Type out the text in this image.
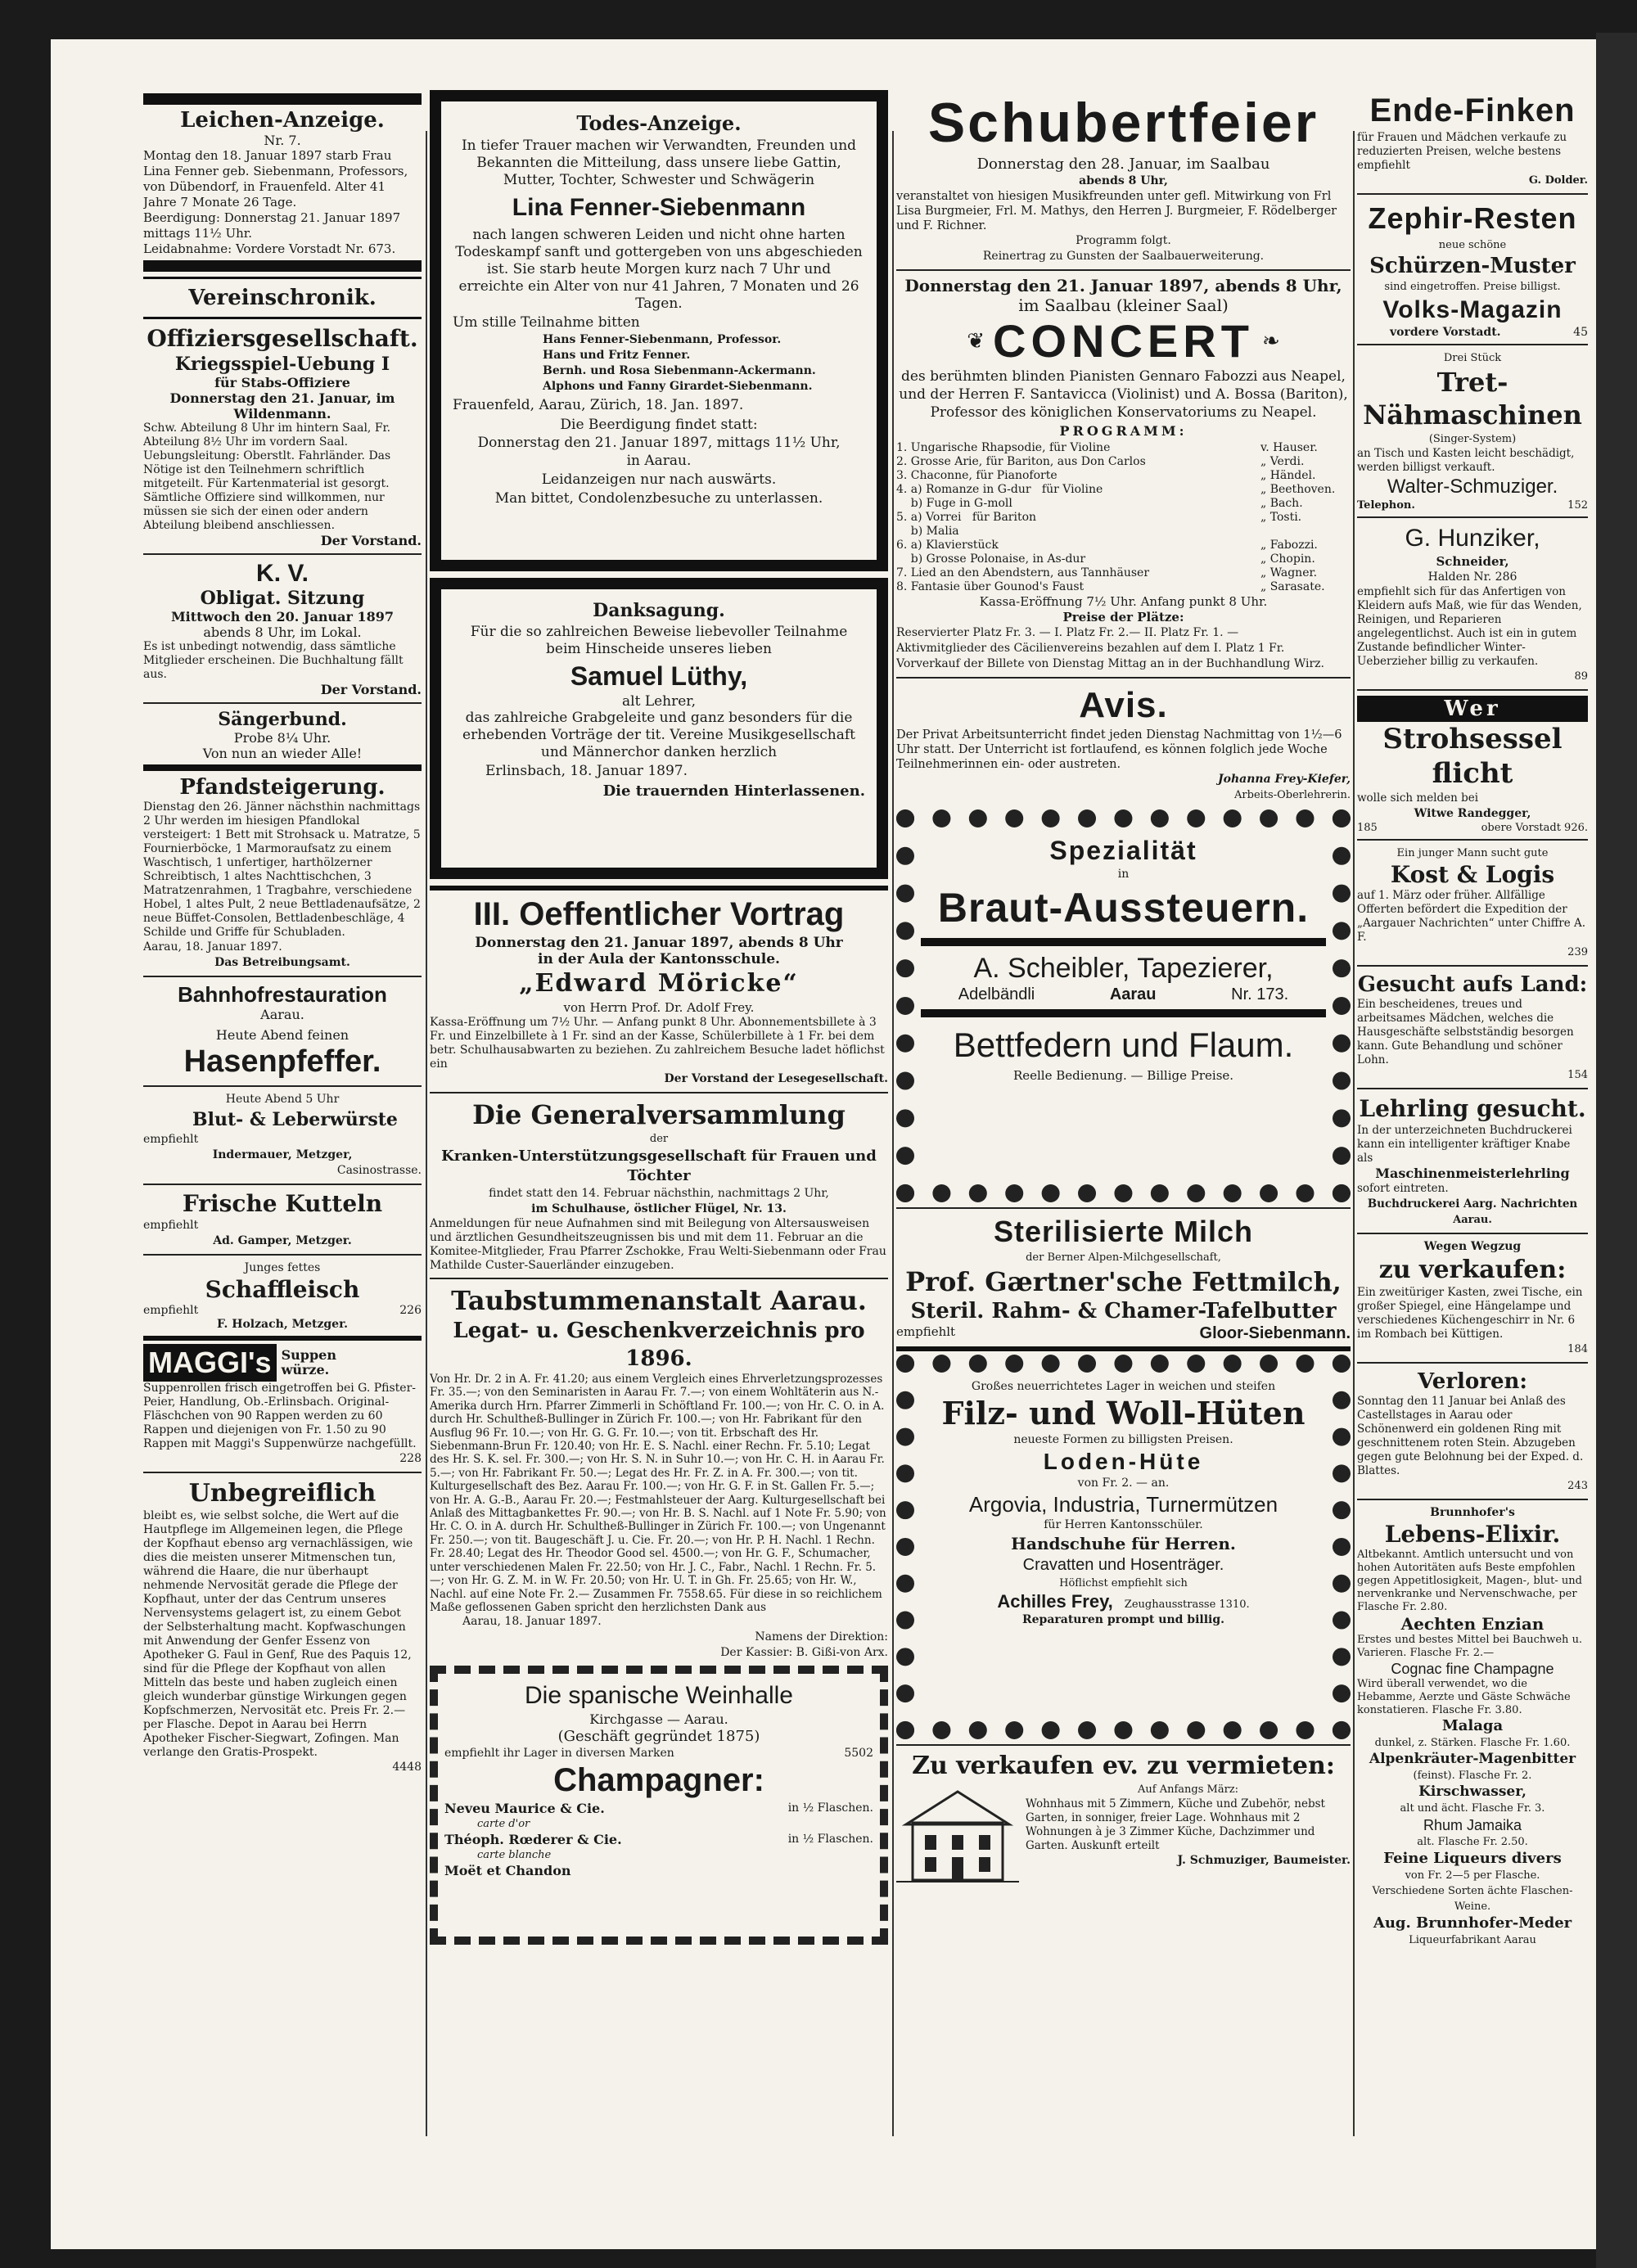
Leichen-Anzeige.

Nr. 7.

Montag den 18. Januar 1897 starb Frau Lina Fenner geb. Siebenmann, Professors, von Dübendorf, in Frauenfeld. Alter 41 Jahre 7 Monate 26 Tage.

Beerdigung: Donnerstag 21. Januar 1897 mittags 11½ Uhr.

Leidabnahme: Vordere Vorstadt Nr. 673.

Vereinschronik.

Offiziersgesellschaft.

Kriegsspiel-Uebung I

für Stabs-Offiziere

Donnerstag den 21. Januar, im Wildenmann.

Schw. Abteilung 8 Uhr im hintern Saal, Fr. Abteilung 8½ Uhr im vordern Saal. Uebungsleitung: Oberstlt. Fahrländer. Das Nötige ist den Teilnehmern schriftlich mitgeteilt. Für Kartenmaterial ist gesorgt. Sämtliche Offiziere sind willkommen, nur müssen sie sich der einen oder andern Abteilung bleibend anschliessen.

Der Vorstand.

K. V.

Obligat. Sitzung

Mittwoch den 20. Januar 1897

abends 8 Uhr, im Lokal.

Es ist unbedingt notwendig, dass sämtliche Mitglieder erscheinen. Die Buchhaltung fällt aus.

Der Vorstand.

Sängerbund.

Probe 8¼ Uhr.

Von nun an wieder Alle!

Pfandsteigerung.

Dienstag den 26. Jänner nächsthin nachmittags 2 Uhr werden im hiesigen Pfandlokal versteigert: 1 Bett mit Strohsack u. Matratze, 5 Fournierböcke, 1 Marmoraufsatz zu einem Waschtisch, 1 unfertiger, harthölzerner Schreibtisch, 1 altes Nachttischchen, 3 Matratzenrahmen, 1 Tragbahre, verschiedene Hobel, 1 altes Pult, 2 neue Bettladenaufsätze, 2 neue Büffet-Consolen, Bettladenbeschläge, 4 Schilde und Griffe für Schubladen.

Aarau, 18. Januar 1897.

Das Betreibungsamt.

Bahnhofrestauration

Aarau.

Heute Abend feinen

Hasenpfeffer.

Heute Abend 5 Uhr

Blut- & Leberwürste

empfiehlt

Indermauer, Metzger,

Casinostrasse.

Frische Kutteln

empfiehlt

Ad. Gamper, Metzger.

Junges fettes

Schaffleisch

empfiehlt	226

F. Holzach, Metzger.

MAGGI's Suppen würze.

Suppenrollen frisch eingetroffen bei G. Pfister-Peier, Handlung, Ob.-Erlinsbach. Original-Fläschchen von 90 Rappen werden zu 60 Rappen und diejenigen von Fr. 1.50 zu 90 Rappen mit Maggi's Suppenwürze nachgefüllt.

228

Unbegreiflich

bleibt es, wie selbst solche, die Wert auf die Hautpflege im Allgemeinen legen, die Pflege der Kopfhaut ebenso arg vernachlässigen, wie dies die meisten unserer Mitmenschen tun, während die Haare, die nur überhaupt nehmende Nervosität gerade die Pflege der Kopfhaut, unter der das Centrum unseres Nervensystems gelagert ist, zu einem Gebot der Selbsterhaltung macht. Kopfwaschungen mit Anwendung der Genfer Essenz von Apotheker G. Faul in Genf, Rue des Paquis 12, sind für die Pflege der Kopfhaut von allen Mitteln das beste und haben zugleich einen gleich wunderbar günstige Wirkungen gegen Kopfschmerzen, Nervosität etc. Preis Fr. 2.— per Flasche. Depot in Aarau bei Herrn Apotheker Fischer-Siegwart, Zofingen. Man verlange den Gratis-Prospekt.

4448

Todes-Anzeige.

In tiefer Trauer machen wir Verwandten, Freunden und Bekannten die Mitteilung, dass unsere liebe Gattin, Mutter, Tochter, Schwester und Schwägerin

Lina Fenner-Siebenmann

nach langen schweren Leiden und nicht ohne harten Todeskampf sanft und gottergeben von uns abgeschieden ist. Sie starb heute Morgen kurz nach 7 Uhr und erreichte ein Alter von nur 41 Jahren, 7 Monaten und 26 Tagen.

Um stille Teilnahme bitten

Hans Fenner-Siebenmann, Professor.

Hans und Fritz Fenner.

Bernh. und Rosa Siebenmann-Ackermann.

Alphons und Fanny Girardet-Siebenmann.

Frauenfeld, Aarau, Zürich, 18. Jan. 1897.

Die Beerdigung findet statt:

Donnerstag den 21. Januar 1897, mittags 11½ Uhr,

in Aarau.

Leidanzeigen nur nach auswärts.

Man bittet, Condolenzbesuche zu unterlassen.

Danksagung.

Für die so zahlreichen Beweise liebevoller Teilnahme beim Hinscheide unseres lieben

Samuel Lüthy,

alt Lehrer,

das zahlreiche Grabgeleite und ganz besonders für die erhebenden Vorträge der tit. Vereine Musikgesellschaft und Männerchor danken herzlich

Erlinsbach, 18. Januar 1897.

Die trauernden Hinterlassenen.

III. Oeffentlicher Vortrag

Donnerstag den 21. Januar 1897, abends 8 Uhr

in der Aula der Kantonsschule.

„Edward Möricke“

von Herrn Prof. Dr. Adolf Frey.

Kassa-Eröffnung um 7½ Uhr. — Anfang punkt 8 Uhr. Abonnementsbillete à 3 Fr. und Einzelbillete à 1 Fr. sind an der Kasse, Schülerbillete à 1 Fr. bei dem betr. Schulhausabwarten zu beziehen. Zu zahlreichem Besuche ladet höflichst ein

Der Vorstand der Lesegesellschaft.

Die Generalversammlung

der

Kranken-Unterstützungsgesellschaft für Frauen und Töchter

findet statt den 14. Februar nächsthin, nachmittags 2 Uhr,

im Schulhause, östlicher Flügel, Nr. 13.

Anmeldungen für neue Aufnahmen sind mit Beilegung von Altersausweisen und ärztlichen Gesundheitszeugnissen bis und mit dem 11. Februar an die Komitee-Mitglieder, Frau Pfarrer Zschokke, Frau Welti-Siebenmann oder Frau Mathilde Custer-Sauerländer einzugeben.

Taubstummenanstalt Aarau.

Legat- u. Geschenkverzeichnis pro 1896.

Von Hr. Dr. 2 in A. Fr. 41.20; aus einem Vergleich eines Ehrverletzungsprozesses Fr. 35.—; von den Seminaristen in Aarau Fr. 7.—; von einem Wohltäterin aus N.-Amerika durch Hrn. Pfarrer Zimmerli in Schöftland Fr. 100.—; von Hr. C. O. in A. durch Hr. Schultheß-Bullinger in Zürich Fr. 100.—; von Hr. Fabrikant für den Ausflug 96 Fr. 10.—; von Hr. G. G. Fr. 10.—; von tit. Erbschaft des Hr. Siebenmann-Brun Fr. 120.40; von Hr. E. S. Nachl. einer Rechn. Fr. 5.10; Legat des Hr. S. K. sel. Fr. 300.—; von Hr. S. N. in Suhr 10.—; von Hr. C. H. in Aarau Fr. 5.—; von Hr. Fabrikant Fr. 50.—; Legat des Hr. Fr. Z. in A. Fr. 300.—; von tit. Kulturgesellschaft des Bez. Aarau Fr. 100.—; von Hr. G. F. in St. Gallen Fr. 5.—; von Hr. A. G.-B., Aarau Fr. 20.—; Festmahlsteuer der Aarg. Kulturgesellschaft bei Anlaß des Mittagbankettes Fr. 90.—; von Hr. B. S. Nachl. auf 1 Note Fr. 5.90; von Hr. C. O. in A. durch Hr. Schultheß-Bullinger in Zürich Fr. 100.—; von Ungenannt Fr. 250.—; von tit. Baugeschäft J. u. Cie. Fr. 20.—; von Hr. P. H. Nachl. 1 Rechn. Fr. 28.40; Legat des Hr. Theodor Good sel. 4500.—; von Hr. G. F., Schumacher, unter verschiedenen Malen Fr. 22.50; von Hr. J. C., Fabr., Nachl. 1 Rechn. Fr. 5.—; von Hr. G. Z. M. in W. Fr. 20.50; von Hr. U. T. in Gh. Fr. 25.65; von Hr. W., Nachl. auf eine Note Fr. 2.— Zusammen Fr. 7558.65. Für diese in so reichlichem Maße geflossenen Gaben spricht den herzlichsten Dank aus

Aarau, 18. Januar 1897.

Namens der Direktion:

Der Kassier: B. Gißi-von Arx.

Die spanische Weinhalle

Kirchgasse — Aarau.

(Geschäft gegründet 1875)

empfiehlt ihr Lager in diversen Marken	5502

Champagner:

Neveu Maurice & Cie.

carte d'or

in ½ Flaschen.

Théoph. Rœderer & Cie.

carte blanche

in ½ Flaschen.

Moët et Chandon

Schubertfeier

Donnerstag den 28. Januar, im Saalbau

abends 8 Uhr,

veranstaltet von hiesigen Musikfreunden unter gefl. Mitwirkung von Frl Lisa Burgmeier, Frl. M. Mathys, den Herren J. Burgmeier, F. Rödelberger und F. Richner.

Programm folgt.

Reinertrag zu Gunsten der Saalbauerweiterung.

Donnerstag den 21. Januar 1897, abends 8 Uhr,

im Saalbau (kleiner Saal)

❦ CONCERT ❧

des berühmten blinden Pianisten Gennaro Fabozzi aus Neapel, und der Herren F. Santavicca (Violinist) und A. Bossa (Bariton), Professor des königlichen Konservatoriums zu Neapel.

PROGRAMM:

1. Ungarische Rhapsodie, für Violine	v. Hauser.
2. Grosse Arie, für Bariton, aus Don Carlos	„ Verdi.
3. Chaconne, für Pianoforte	„ Händel.
4. a) Romanze in G-dur   für Violine	„ Beethoven.
b) Fuge in G-moll	„ Bach.
5. a) Vorrei   für Bariton	„ Tosti.
b) Malia
6. a) Klavierstück	„ Fabozzi.
b) Grosse Polonaise, in As-dur	„ Chopin.
7. Lied an den Abendstern, aus Tannhäuser	„ Wagner.
8. Fantasie über Gounod's Faust	„ Sarasate.

Kassa-Eröffnung 7½ Uhr. Anfang punkt 8 Uhr.

Preise der Plätze:

Reservierter Platz Fr. 3. — I. Platz Fr. 2.— II. Platz Fr. 1. —

Aktivmitglieder des Cäcilienvereins bezahlen auf dem I. Platz 1 Fr.

Vorverkauf der Billete von Dienstag Mittag an in der Buchhandlung Wirz.

Avis.

Der Privat Arbeitsunterricht findet jeden Dienstag Nachmittag von 1½—6 Uhr statt. Der Unterricht ist fortlaufend, es können folglich jede Woche Teilnehmerinnen ein- oder austreten.

Johanna Frey-Kiefer,

Arbeits-Oberlehrerin.

Spezialität

in

Braut-Aussteuern.

A. Scheibler, Tapezierer,

Adelbändli	Aarau	Nr. 173.

Bettfedern und Flaum.

Reelle Bedienung. — Billige Preise.

Sterilisierte Milch

der Berner Alpen-Milchgesellschaft,

Prof. Gærtner'sche Fettmilch,

Steril. Rahm- & Chamer-Tafelbutter

empfiehlt	Gloor-Siebenmann.

Großes neuerrichtetes Lager in weichen und steifen

Filz- und Woll-Hüten

neueste Formen zu billigsten Preisen.

Loden-Hüte

von Fr. 2. — an.

Argovia, Industria, Turnermützen

für Herren Kantonsschüler.

Handschuhe für Herren.

Cravatten und Hosenträger.

Höflichst empfiehlt sich

Achilles Frey, Zeughausstrasse 1310.

Reparaturen prompt und billig.

Zu verkaufen ev. zu vermieten:

Auf Anfangs März:

Wohnhaus mit 5 Zimmern, Küche und Zubehör, nebst Garten, in sonniger, freier Lage. Wohnhaus mit 2 Wohnungen à je 3 Zimmer Küche, Dachzimmer und Garten. Auskunft erteilt

J. Schmuziger, Baumeister.

Ende-Finken

für Frauen und Mädchen verkaufe zu reduzierten Preisen, welche bestens empfiehlt

G. Dolder.

Zephir-Resten

neue schöne

Schürzen-Muster

sind eingetroffen. Preise billigst.

Volks-Magazin

vordere Vorstadt.	45

Drei Stück

Tret-Nähmaschinen

(Singer-System)

an Tisch und Kasten leicht beschädigt, werden billigst verkauft.

Walter-Schmuziger.

Telephon.	152

G. Hunziker,

Schneider,

Halden Nr. 286

empfiehlt sich für das Anfertigen von Kleidern aufs Maß, wie für das Wenden, Reinigen, und Reparieren angelegentlichst. Auch ist ein in gutem Zustande befindlicher Winter-Ueberzieher billig zu verkaufen.

89

Wer

Strohsessel flicht

wolle sich melden bei

Witwe Randegger,

185	obere Vorstadt 926.

Ein junger Mann sucht gute

Kost & Logis

auf 1. März oder früher. Allfällige Offerten befördert die Expedition der „Aargauer Nachrichten“ unter Chiffre A. F.

239

Gesucht aufs Land:

Ein bescheidenes, treues und arbeitsames Mädchen, welches die Hausgeschäfte selbstständig besorgen kann. Gute Behandlung und schöner Lohn.

154

Lehrling gesucht.

In der unterzeichneten Buchdruckerei kann ein intelligenter kräftiger Knabe als

Maschinenmeisterlehrling

sofort eintreten.

Buchdruckerei Aarg. Nachrichten

Aarau.

Wegen Wegzug

zu verkaufen:

Ein zweitüriger Kasten, zwei Tische, ein großer Spiegel, eine Hängelampe und verschiedenes Küchengeschirr in Nr. 6 im Rombach bei Küttigen.

184

Verloren:

Sonntag den 11 Januar bei Anlaß des Castellstages in Aarau oder Schönenwerd ein goldenen Ring mit geschnittenem roten Stein. Abzugeben gegen gute Belohnung bei der Exped. d. Blattes.

243

Brunnhofer's

Lebens-Elixir.

Altbekannt. Amtlich untersucht und von hohen Autoritäten aufs Beste empfohlen gegen Appetitlosigkeit, Magen-, blut- und nervenkranke und Nervenschwache, per Flasche Fr. 2.80.

Aechten Enzian

Erstes und bestes Mittel bei Bauchweh u. Varieren. Flasche Fr. 2.—

Cognac fine Champagne

Wird überall verwendet, wo die Hebamme, Aerzte und Gäste Schwäche konstatieren. Flasche Fr. 3.80.

Malaga

dunkel, z. Stärken. Flasche Fr. 1.60.

Alpenkräuter-Magenbitter

(feinst). Flasche Fr. 2.

Kirschwasser,

alt und ächt. Flasche Fr. 3.

Rhum Jamaika

alt. Flasche Fr. 2.50.

Feine Liqueurs divers

von Fr. 2—5 per Flasche.

Verschiedene Sorten ächte Flaschen-Weine.

Aug. Brunnhofer-Meder

Liqueurfabrikant Aarau
